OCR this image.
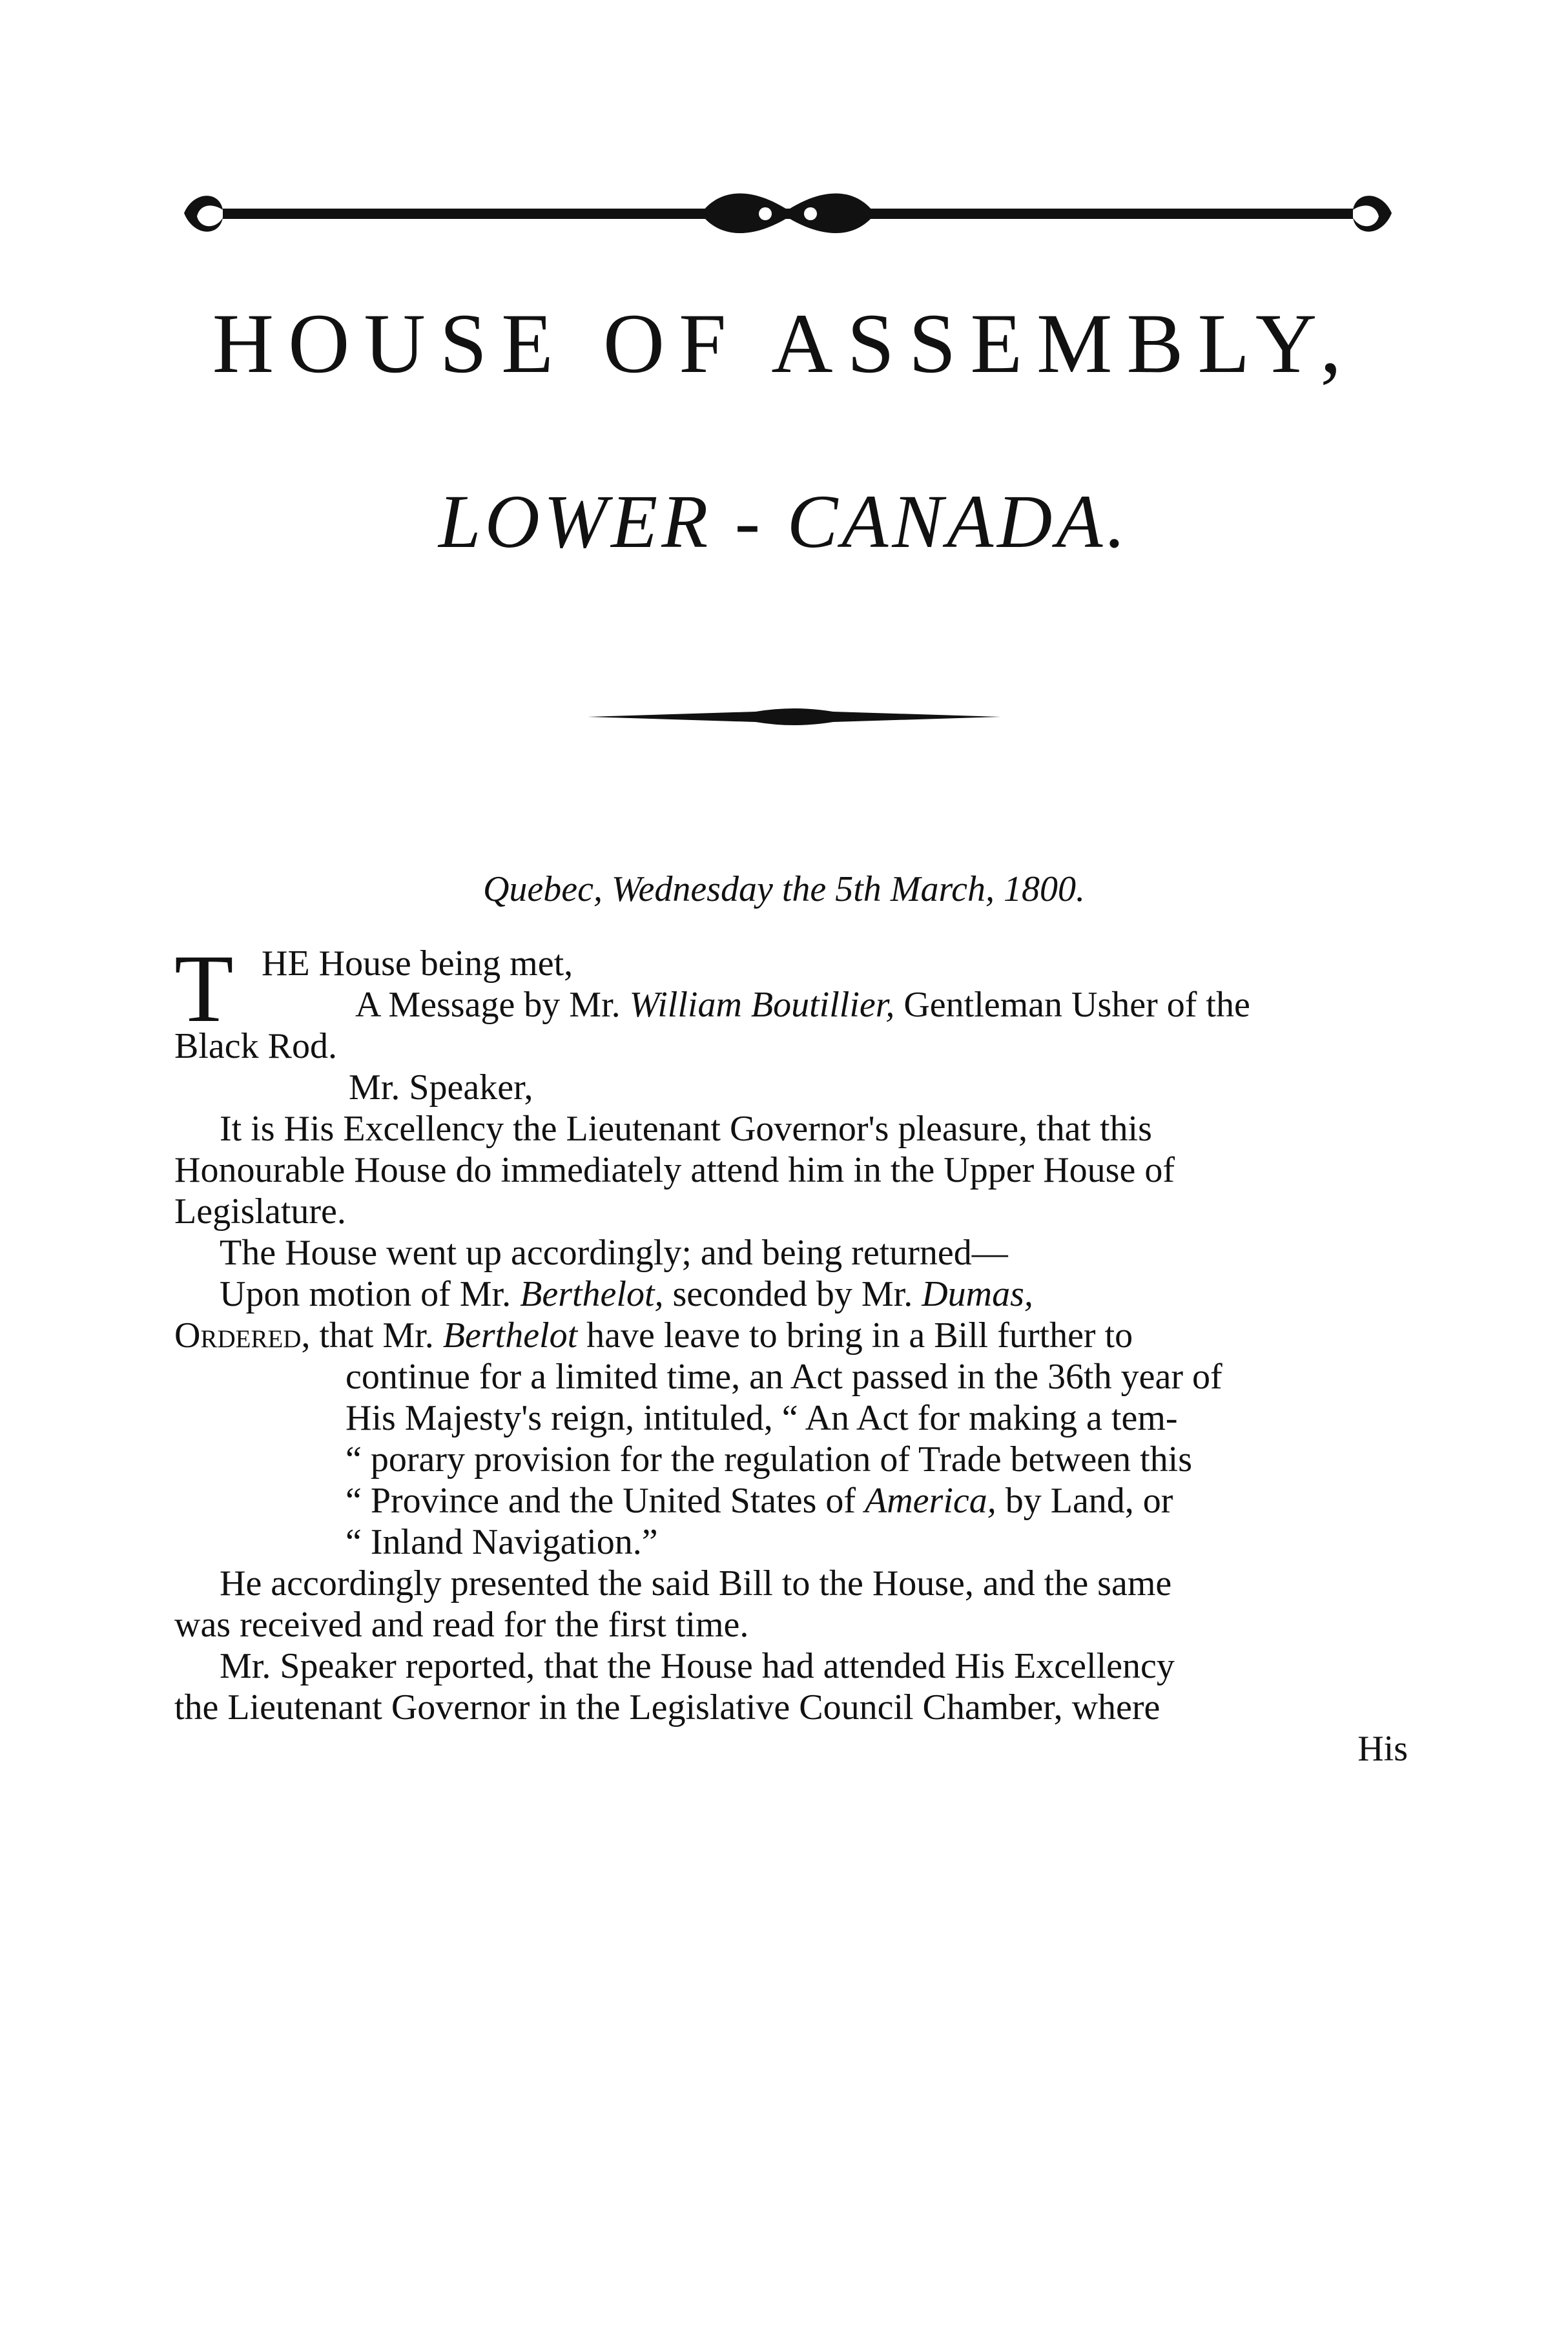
HOUSE OF ASSEMBLY,
LOWER - CANADA.
Quebec, Wednesday the 5th March, 1800.
T HE House being met,
A Message by Mr. William Boutillier, Gentleman Usher of the
Black Rod.
Mr. Speaker,
It is His Excellency the Lieutenant Governor's pleasure, that this
Honourable House do immediately attend him in the Upper House of
Legislature.
The House went up accordingly; and being returned—
Upon motion of Mr. Berthelot, seconded by Mr. Dumas,
Ordered, that Mr. Berthelot have leave to bring in a Bill further to
continue for a limited time, an Act passed in the 36th year of
His Majesty's reign, intituled, “ An Act for making a tem-
“ porary provision for the regulation of Trade between this
“ Province and the United States of America, by Land, or
“ Inland Navigation.”
He accordingly presented the said Bill to the House, and the same
was received and read for the first time.
Mr. Speaker reported, that the House had attended His Excellency
the Lieutenant Governor in the Legislative Council Chamber, where
His
